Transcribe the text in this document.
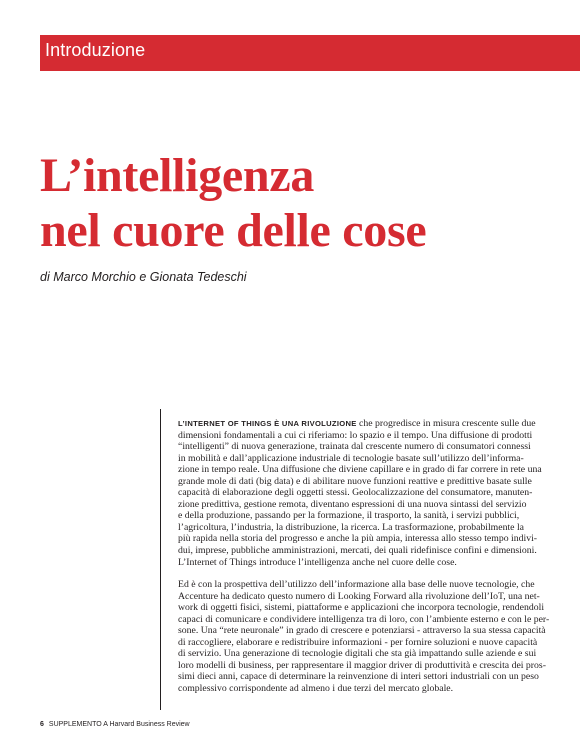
Introduzione
L’intelligenza
nel cuore delle cose
di Marco Morchio e Gionata Tedeschi

L’INTERNET OF THINGS È UNA RIVOLUZIONE che progredisce in misura crescente sulle due
dimensioni fondamentali a cui ci riferiamo: lo spazio e il tempo. Una diffusione di prodotti
“intelligenti” di nuova generazione, trainata dal crescente numero di consumatori connessi
in mobilità e dall’applicazione industriale di tecnologie basate sull’utilizzo dell’informa-
zione in tempo reale. Una diffusione che diviene capillare e in grado di far correre in rete una
grande mole di dati (big data) e di abilitare nuove funzioni reattive e predittive basate sulle
capacità di elaborazione degli oggetti stessi. Geolocalizzazione del consumatore, manuten-
zione predittiva, gestione remota, diventano espressioni di una nuova sintassi del servizio
e della produzione, passando per la formazione, il trasporto, la sanità, i servizi pubblici,
l’agricoltura, l’industria, la distribuzione, la ricerca. La trasformazione, probabilmente la
più rapida nella storia del progresso e anche la più ampia, interessa allo stesso tempo indivi-
dui, imprese, pubbliche amministrazioni, mercati, dei quali ridefinisce confini e dimensioni.
L’Internet of Things introduce l’intelligenza anche nel cuore delle cose.

Ed è con la prospettiva dell’utilizzo dell’informazione alla base delle nuove tecnologie, che
Accenture ha dedicato questo numero di Looking Forward alla rivoluzione dell’IoT, una net-
work di oggetti fisici, sistemi, piattaforme e applicazioni che incorpora tecnologie, rendendoli
capaci di comunicare e condividere intelligenza tra di loro, con l’ambiente esterno e con le per-
sone. Una “rete neuronale” in grado di crescere e potenziarsi - attraverso la sua stessa capacità
di raccogliere, elaborare e redistribuire informazioni - per fornire soluzioni e nuove capacità
di servizio. Una generazione di tecnologie digitali che sta già impattando sulle aziende e sui
loro modelli di business, per rappresentare il maggior driver di produttività e crescita dei pros-
simi dieci anni, capace di determinare la reinvenzione di interi settori industriali con un peso
complessivo corrispondente ad almeno i due terzi del mercato globale.

6 SUPPLEMENTO A Harvard Business Review
